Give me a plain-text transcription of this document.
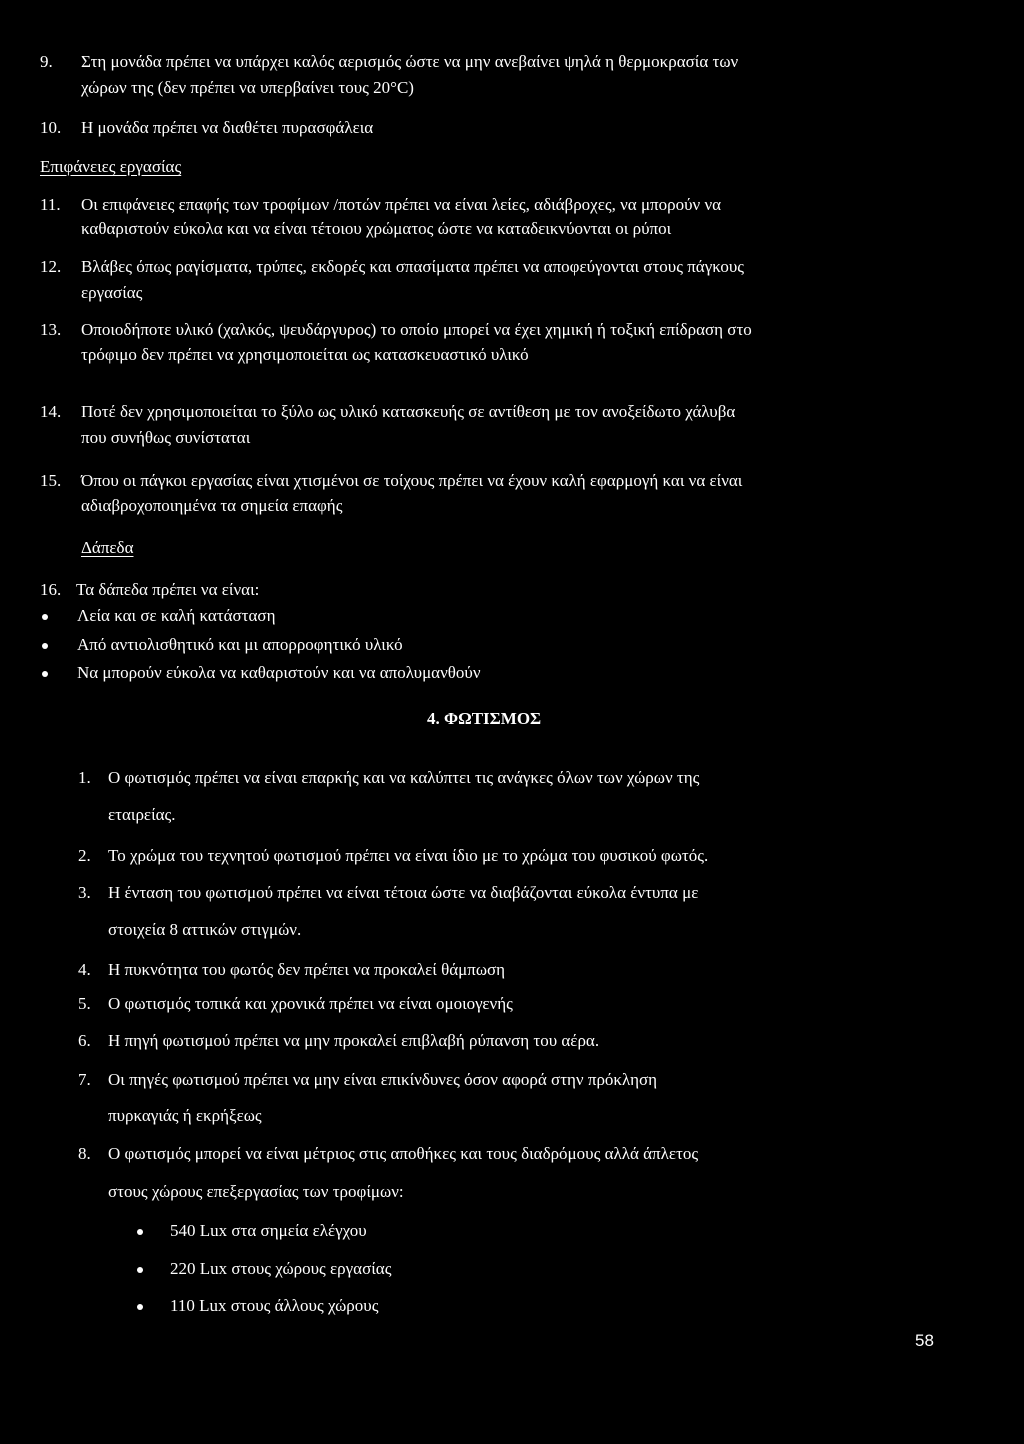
9. Στη μονάδα πρέπει να υπάρχει καλός αερισμός ώστε να μην ανεβαίνει ψηλά η θερμοκρασία των
χώρων της (δεν πρέπει να υπερβαίνει τους 20°C)
10. Η μονάδα πρέπει να διαθέτει πυρασφάλεια
Επιφάνειες εργασίας
11. Οι επιφάνειες επαφής των τροφίμων /ποτών πρέπει να είναι λείες, αδιάβροχες, να μπορούν να
καθαριστούν εύκολα και να είναι τέτοιου χρώματος ώστε να καταδεικνύονται οι ρύποι
12. Βλάβες όπως ραγίσματα, τρύπες, εκδορές και σπασίματα πρέπει να αποφεύγονται στους πάγκους
εργασίας
13. Οποιοδήποτε υλικό (χαλκός, ψευδάργυρος) το οποίο μπορεί να έχει χημική ή τοξική επίδραση στο
τρόφιμο δεν πρέπει να χρησιμοποιείται ως κατασκευαστικό υλικό
14. Ποτέ δεν χρησιμοποιείται το ξύλο ως υλικό κατασκευής σε αντίθεση με τον ανοξείδωτο χάλυβα
που συνήθως συνίσταται
15. Όπου οι πάγκοι εργασίας είναι χτισμένοι σε τοίχους πρέπει να έχουν καλή εφαρμογή και να είναι
αδιαβροχοποιημένα τα σημεία επαφής
Δάπεδα
16. Τα δάπεδα πρέπει να είναι:
Λεία και σε καλή κατάσταση
Από αντιολισθητικό και μι απορροφητικό υλικό
Να μπορούν εύκολα να καθαριστούν και να απολυμανθούν
4. ΦΩΤΙΣΜΟΣ
1. Ο φωτισμός πρέπει να είναι επαρκής και να καλύπτει τις ανάγκες όλων των χώρων της
εταιρείας.
2. Το χρώμα του τεχνητού φωτισμού πρέπει να είναι ίδιο με το χρώμα του φυσικού φωτός.
3. Η ένταση του φωτισμού πρέπει να είναι τέτοια ώστε να διαβάζονται εύκολα έντυπα με
στοιχεία 8 αττικών στιγμών.
4. Η πυκνότητα του φωτός δεν πρέπει να προκαλεί θάμπωση
5. Ο φωτισμός τοπικά και χρονικά πρέπει να είναι ομοιογενής
6. Η πηγή φωτισμού πρέπει να μην προκαλεί επιβλαβή ρύπανση του αέρα.
7. Οι πηγές φωτισμού πρέπει να μην είναι επικίνδυνες όσον αφορά στην πρόκληση
πυρκαγιάς ή εκρήξεως
8. Ο φωτισμός μπορεί να είναι μέτριος στις αποθήκες και τους διαδρόμους αλλά άπλετος
στους χώρους επεξεργασίας των τροφίμων:
540 Lux στα σημεία ελέγχου
220 Lux στους χώρους εργασίας
110 Lux στους άλλους χώρους
58
